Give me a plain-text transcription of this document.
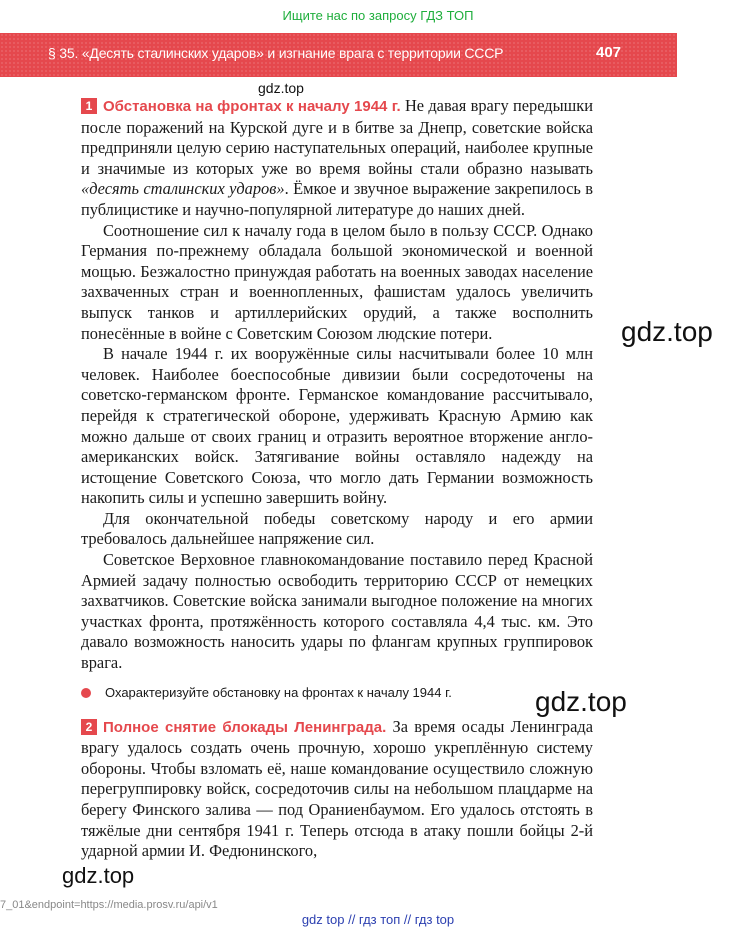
Ищите нас по запросу ГДЗ ТОП
§ 35. «Десять сталинских ударов» и изгнание врага с территории СССР	407
gdz.top

1 Обстановка на фронтах к началу 1944 г. Не давая врагу передышки после поражений на Курской дуге и в битве за Днепр, советские войска предприняли целую серию наступательных операций, наиболее крупные и значимые из которых уже во время войны стали образно называть «десять сталинских ударов». Ёмкое и звучное выражение закрепилось в публицистике и научно-популярной литературе до наших дней.

Соотношение сил к началу года в целом было в пользу СССР. Однако Германия по-прежнему обладала большой экономической и военной мощью. Безжалостно принуждая работать на военных заводах население захваченных стран и военнопленных, фашистам удалось увеличить выпуск танков и артиллерийских орудий, а также восполнить понесённые в войне с Советским Союзом людские потери.

В начале 1944 г. их вооружённые силы насчитывали более 10 млн человек. Наиболее боеспособные дивизии были сосредоточены на советско-германском фронте. Германское командование рассчитывало, перейдя к стратегической обороне, удерживать Красную Армию как можно дальше от своих границ и отразить вероятное вторжение англо-американских войск. Затягивание войны оставляло надежду на истощение Советского Союза, что могло дать Германии возможность накопить силы и успешно завершить войну.

Для окончательной победы советскому народу и его армии требовалось дальнейшее напряжение сил.

Советское Верховное главнокомандование поставило перед Красной Армией задачу полностью освободить территорию СССР от немецких захватчиков. Советские войска занимали выгодное положение на многих участках фронта, протяжённость которого составляла 4,4 тыс. км. Это давало возможность наносить удары по флангам крупных группировок врага.

Охарактеризуйте обстановку на фронтах к началу 1944 г.

2 Полное снятие блокады Ленинграда. За время осады Ленинграда врагу удалось создать очень прочную, хорошо укреплённую систему обороны. Чтобы взломать её, наше командование осуществило сложную перегруппировку войск, сосредоточив силы на небольшом плацдарме на берегу Финского залива — под Ораниенбаумом. Его удалось отстоять в тяжёлые дни сентября 1941 г. Теперь отсюда в атаку пошли бойцы 2-й ударной армии И. Федюнинского,

gdz.top
gdz.top
gdz.top
7_01&endpoint=https://media.prosv.ru/api/v1
gdz top // гдз топ // гдз top
